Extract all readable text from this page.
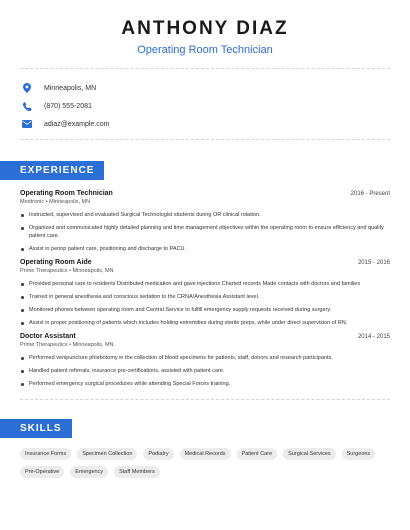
ANTHONY DIAZ
Operating Room Technician
Minneapolis, MN
(870) 555-2081
adiaz@example.com
EXPERIENCE
Operating Room Technician	2016 - Present
Medtronic • Minneapolis, MN
Instructed, supervised and evaluated Surgical Technologist students during OR clinical rotation.
Organized and communicated highly detailed planning and time management objectives within the operating room to ensure efficiency and quality patient care.
Assist in periop patient care, positioning and discharge to PACU.
Operating Room Aide	2015 - 2016
Prime Therapeutics • Minneapolis, MN
Provided personal care to residents Distributed medication and gave injections Charted records Made contacts with doctors and families
Trained in general anesthesia and conscious sedation to the CRNA/Anesthesia Assistant level.
Monitored phones between operating room and Central Service to fulfill emergency supply requests received during surgery.
Assist in proper positioning of patients which includes holding extremities during sterile preps, while under direct supervision of RN.
Doctor Assistant	2014 - 2015
Prime Therapeutics • Minneapolis, MN
Performed venipuncture phlebotomy in the collection of blood specimens for patients, staff, donors and research participants.
Handled patient referrals, insurance pre-certifications, assisted with patient care.
Performed emergency surgical procedures while attending Special Forces training.
SKILLS
Insurance Forms	Specimen Collection	Podiatry	Medical Records	Patient Care	Surgical Services	Surgeons
Pre-Operative	Emergency	Staff Members
